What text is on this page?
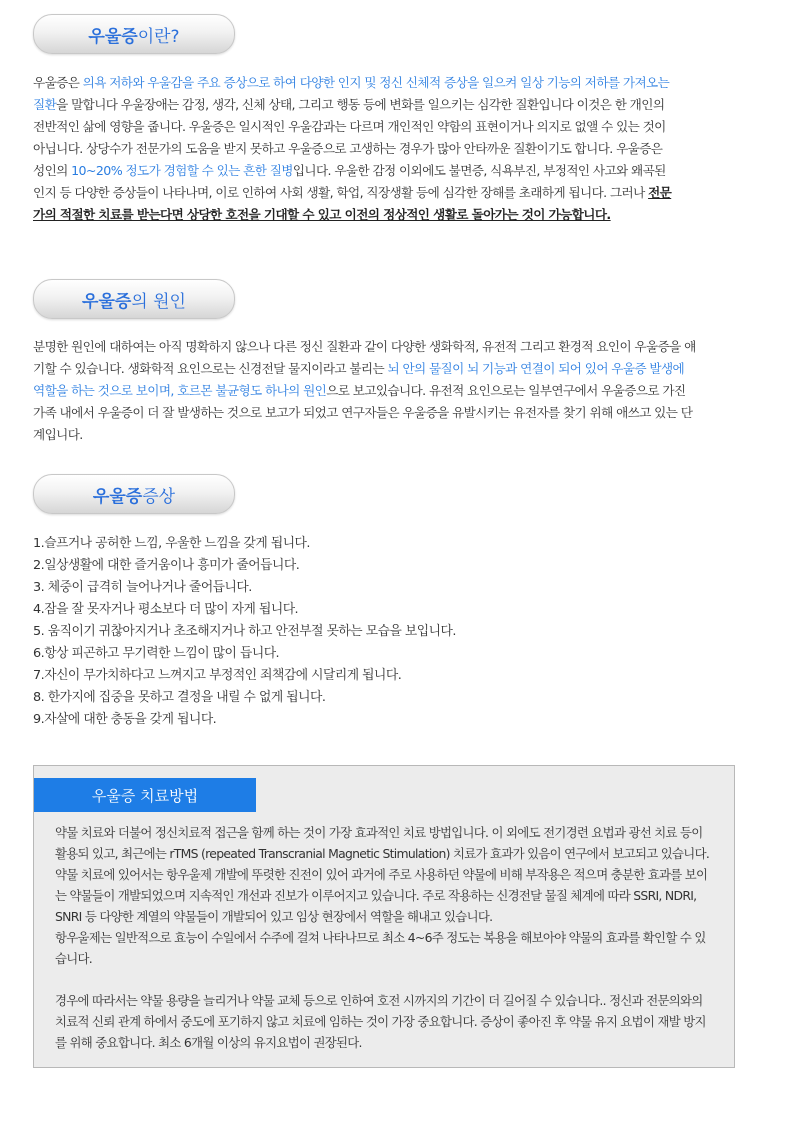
우울증 이란?
우울증은 의욕 저하와 우울감을 주요 증상으로 하여 다양한 인지 및 정신 신체적 증상을 일으켜 일상 기능의 저하를 가져오는 질환을 말합니다 우울장애는 감정, 생각, 신체 상태, 그리고 행동 등에 변화를 일으키는 심각한 질환입니다 이것은 한 개인의 전반적인 삶에 영향을 줍니다. 우울증은 일시적인 우울감과는 다르며 개인적인 약함의 표현이거나 의지로 없앨 수 있는 것이 아닙니다. 상당수가 전문가의 도움을 받지 못하고 우울증으로 고생하는 경우가 많아 안타까운 질환이기도 합니다. 우울증은 성인의 10~20% 정도가 경험할 수 있는 흔한 질병입니다. 우울한 감정 이외에도 불면증, 식욕부진, 부정적인 사고와 왜곡된 인지 등 다양한 증상들이 나타나며, 이로 인하여 사회 생활, 학업, 직장생활 등에 심각한 장해를 초래하게 됩니다. 그러나 전문가의 적절한 치료를 받는다면 상당한 호전을 기대할 수 있고 이전의 정상적인 생활로 돌아가는 것이 가능합니다.
우울증 의 원인
분명한 원인에 대하여는 아직 명확하지 않으나 다른 정신 질환과 같이 다양한 생화학적, 유전적 그리고 환경적 요인이 우울증을 얘기할 수 있습니다. 생화학적 요인으로는 신경전달 물지이라고 불리는 뇌 안의 물질이 뇌 기능과 연결이 되어 있어 우울증 발생에 역할을 하는 것으로 보이며, 호르몬 불균형도 하나의 원인으로 보고있습니다. 유전적 요인으로는 일부연구에서 우울증으로 가진 가족 내에서 우울증이 더 잘 발생하는 것으로 보고가 되었고 연구자들은 우울증을 유발시키는 유전자를 찾기 위해 애쓰고 있는 단계입니다.
우울증 증상
1.슬프거나 공허한 느낌, 우울한 느낌을 갖게 됩니다.
2.일상생활에 대한 즐거움이나 흥미가 줄어듭니다.
3. 체중이 급격히 늘어나거나 줄어듭니다.
4.잠을 잘 못자거나 평소보다 더 많이 자게 됩니다.
5. 움직이기 귀찮아지거나 초조해지거나 하고 안전부절 못하는 모습을 보입니다.
6.항상 피곤하고 무기력한 느낌이 많이 듭니다.
7.자신이 무가치하다고 느껴지고 부정적인 죄책감에 시달리게 됩니다.
8. 한가지에 집중을 못하고 결정을 내릴 수 없게 됩니다.
9.자살에 대한 충동을 갖게 됩니다.
우울증 치료방법

약물 치료와 더불어 정신치료적 접근을 함께 하는 것이 가장 효과적인 치료 방법입니다. 이 외에도 전기경련 요법과 광선 치료 등이 활용되 있고, 최근에는 rTMS (repeated Transcranial Magnetic Stimulation) 치료가 효과가 있음이 연구에서 보고되고 있습니다. 약물 치료에 있어서는 항우울제 개발에 뚜렷한 진전이 있어 과거에 주로 사용하던 약물에 비해 부작용은 적으며 충분한 효과를 보이는 약물들이 개발되었으며 지속적인 개선과 진보가 이루어지고 있습니다. 주로 작용하는 신경전달 물질 체계에 따라 SSRI, NDRI, SNRI 등 다양한 계열의 약물들이 개발되어 있고 임상 현장에서 역할을 해내고 있습니다.

항우울제는 일반적으로 효능이 수일에서 수주에 걸쳐 나타나므로 최소 4~6주 정도는 복용을 해보아야 약물의 효과를 확인할 수 있습니다.

경우에 따라서는 약물 용량을 늘리거나 약물 교체 등으로 인하여 호전 시까지의 기간이 더 길어질 수 있습니다.. 정신과 전문의와의 치료적 신뢰 관계 하에서 중도에 포기하지 않고 치료에 임하는 것이 가장 중요합니다. 증상이 좋아진 후 약물 유지 요법이 재발 방지를 위해 중요합니다. 최소 6개월 이상의 유지요법이 권장된다.
